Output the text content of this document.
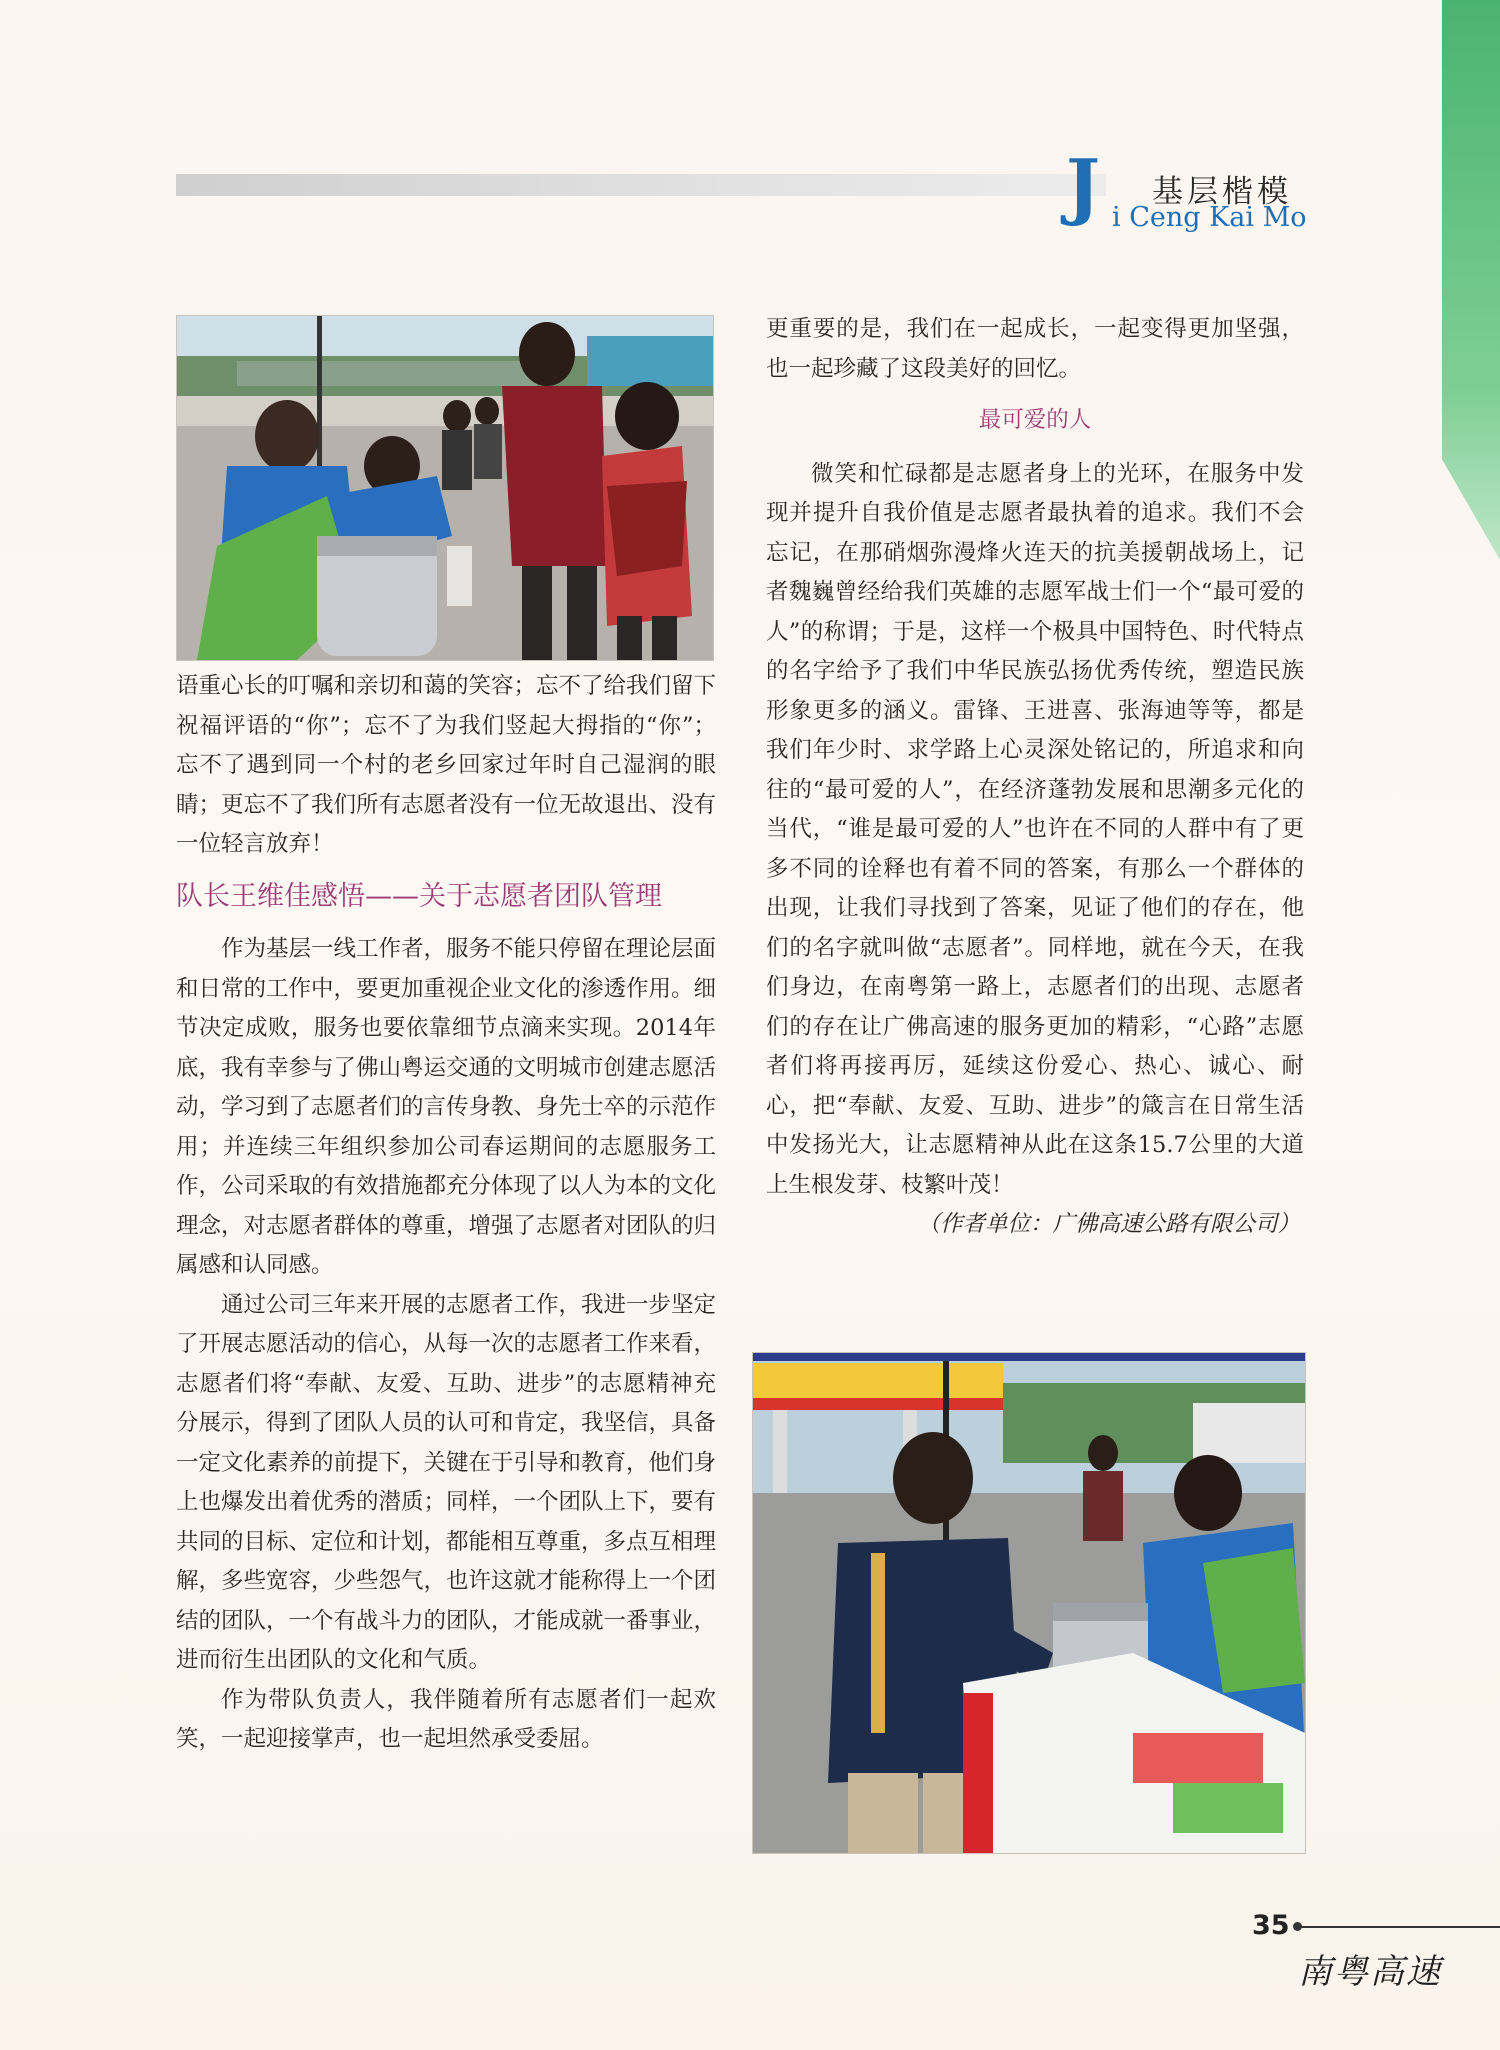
J 基层楷模
i Ceng Kai Mo

语重心长的叮嘱和亲切和蔼的笑容；忘不了给我们留下祝福评语的“你”；忘不了为我们竖起大拇指的“你”；忘不了遇到同一个村的老乡回家过年时自己湿润的眼睛；更忘不了我们所有志愿者没有一位无故退出、没有一位轻言放弃！

队长王维佳感悟——关于志愿者团队管理

作为基层一线工作者，服务不能只停留在理论层面和日常的工作中，要更加重视企业文化的渗透作用。细节决定成败，服务也要依靠细节点滴来实现。2014年底，我有幸参与了佛山粤运交通的文明城市创建志愿活动，学习到了志愿者们的言传身教、身先士卒的示范作用；并连续三年组织参加公司春运期间的志愿服务工作，公司采取的有效措施都充分体现了以人为本的文化理念，对志愿者群体的尊重，增强了志愿者对团队的归属感和认同感。

通过公司三年来开展的志愿者工作，我进一步坚定了开展志愿活动的信心，从每一次的志愿者工作来看，志愿者们将“奉献、友爱、互助、进步”的志愿精神充分展示，得到了团队人员的认可和肯定，我坚信，具备一定文化素养的前提下，关键在于引导和教育，他们身上也爆发出着优秀的潜质；同样，一个团队上下，要有共同的目标、定位和计划，都能相互尊重，多点互相理解，多些宽容，少些怨气，也许这就才能称得上一个团结的团队，一个有战斗力的团队，才能成就一番事业，进而衍生出团队的文化和气质。

作为带队负责人，我伴随着所有志愿者们一起欢笑，一起迎接掌声，也一起坦然承受委屈。

更重要的是，我们在一起成长，一起变得更加坚强，也一起珍藏了这段美好的回忆。

最可爱的人

微笑和忙碌都是志愿者身上的光环，在服务中发现并提升自我价值是志愿者最执着的追求。我们不会忘记，在那硝烟弥漫烽火连天的抗美援朝战场上，记者魏巍曾经给我们英雄的志愿军战士们一个“最可爱的人”的称谓；于是，这样一个极具中国特色、时代特点的名字给予了我们中华民族弘扬优秀传统，塑造民族形象更多的涵义。雷锋、王进喜、张海迪等等，都是我们年少时、求学路上心灵深处铭记的，所追求和向往的“最可爱的人”，在经济蓬勃发展和思潮多元化的当代，“谁是最可爱的人”也许在不同的人群中有了更多不同的诠释也有着不同的答案，有那么一个群体的出现，让我们寻找到了答案，见证了他们的存在，他们的名字就叫做“志愿者”。同样地，就在今天，在我们身边，在南粤第一路上，志愿者们的出现、志愿者们的存在让广佛高速的服务更加的精彩，“心路”志愿者们将再接再厉，延续这份爱心、热心、诚心、耐心，把“奉献、友爱、互助、进步”的箴言在日常生活中发扬光大，让志愿精神从此在这条15.7公里的大道上生根发芽、枝繁叶茂！

（作者单位：广佛高速公路有限公司）

35
南粤高速
